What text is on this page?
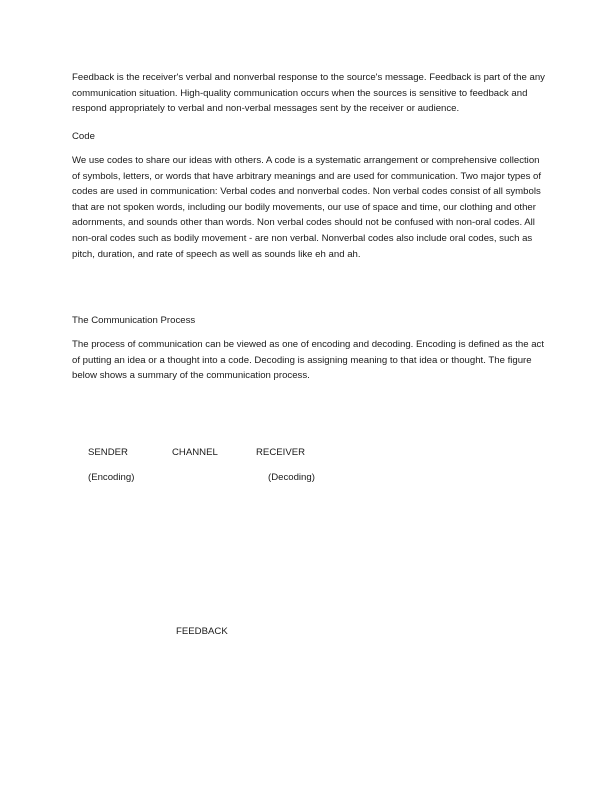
Feedback is the receiver's verbal and nonverbal response to the source's message. Feedback is part of the any communication situation. High-quality communication occurs when the sources is sensitive to feedback and respond appropriately to verbal and non-verbal messages sent by the receiver or audience.

Code

We use codes to share our ideas with others. A code is a systematic arrangement or comprehensive collection of symbols, letters, or words that have arbitrary meanings and are used for communication. Two major types of codes are used in communication: Verbal codes and nonverbal codes. Non verbal codes consist of all symbols that are not spoken words, including our bodily movements, our use of space and time, our clothing and other adornments, and sounds other than words. Non verbal codes should not be confused with non-oral codes. All non-oral codes such as bodily movement - are non verbal. Nonverbal codes also include oral codes, such as pitch, duration, and rate of speech as well as sounds like eh and ah.

The Communication Process

The process of communication can be viewed as one of encoding and decoding. Encoding is defined as the act of putting an idea or a thought into a code. Decoding is assigning meaning to that idea or thought. The figure below shows a summary of the communication process.

SENDER	CHANNEL	RECEIVER
(Encoding)	(Decoding)
FEEDBACK
